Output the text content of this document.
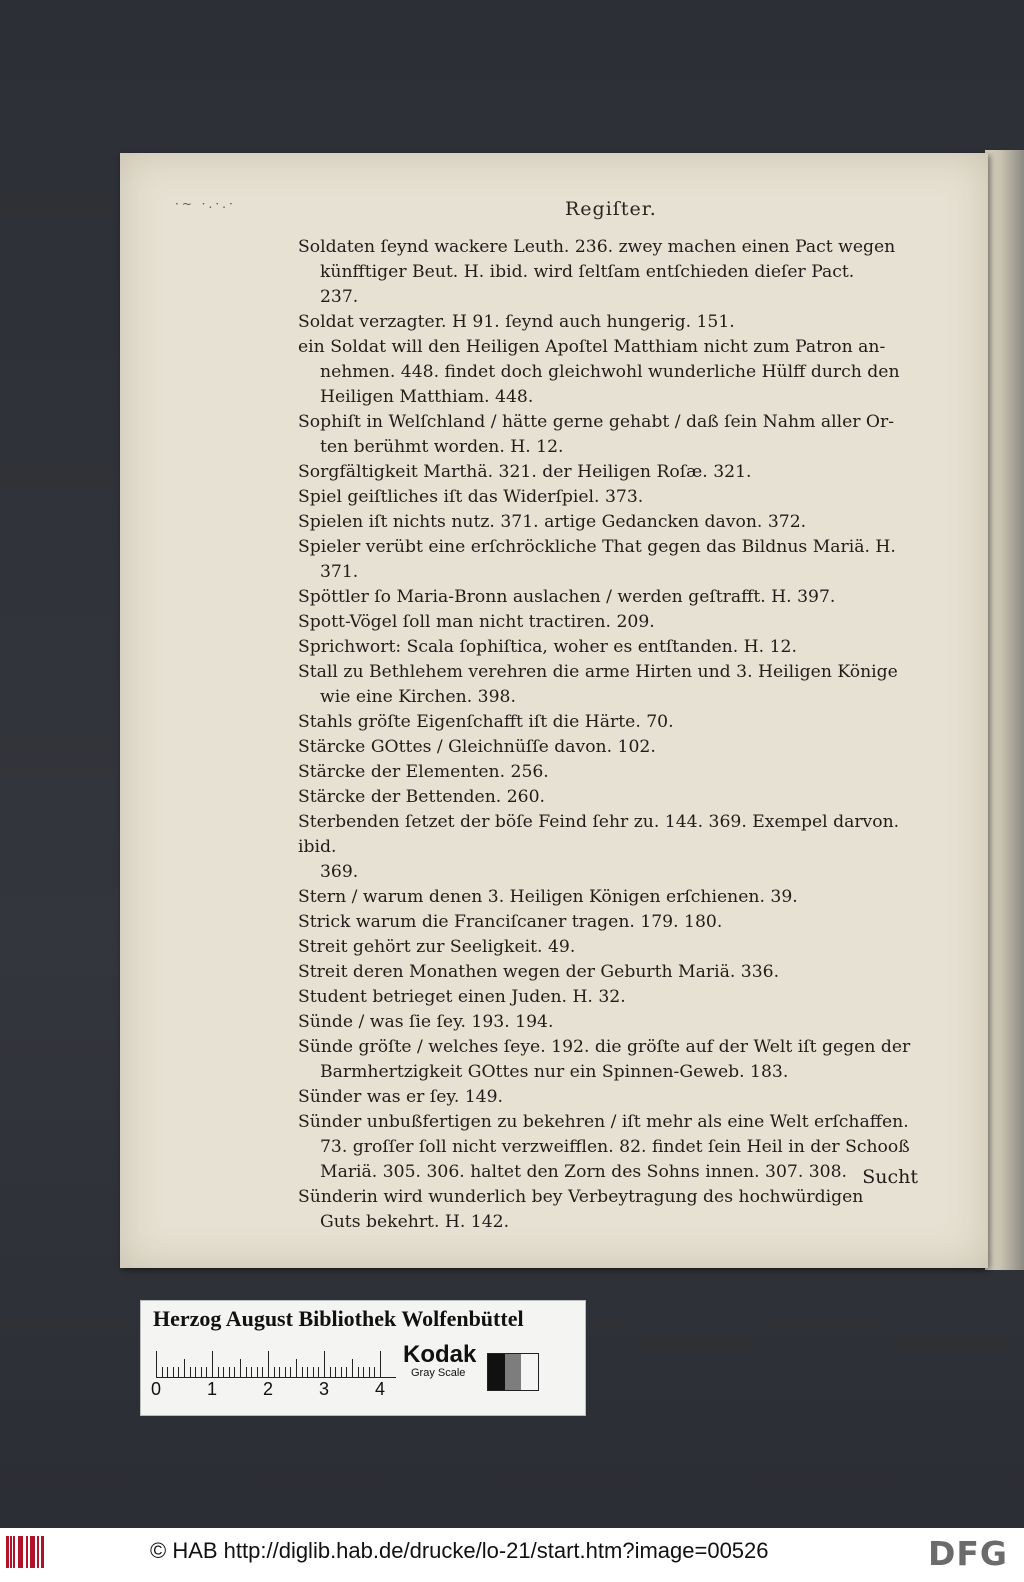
·~ ·.·.·	Regiſter.
Soldaten ſeynd wackere Leuth. 236. zwey machen einen Pact wegen
künfftiger Beut. H. ibid. wird ſeltſam entſchieden dieſer Pact.
237.
Soldat verzagter. H 91. ſeynd auch hungerig. 151.
ein Soldat will den Heiligen Apoſtel Matthiam nicht zum Patron an-
nehmen. 448. findet doch gleichwohl wunderliche Hülff durch den
Heiligen Matthiam. 448.
Sophiſt in Welſchland / hätte gerne gehabt / daß ſein Nahm aller Or-
ten berühmt worden. H. 12.
Sorgfältigkeit Marthä. 321. der Heiligen Roſæ. 321.
Spiel geiſtliches iſt das Widerſpiel. 373.
Spielen iſt nichts nutz. 371. artige Gedancken davon. 372.
Spieler verübt eine erſchröckliche That gegen das Bildnus Mariä. H.
371.
Spöttler ſo Maria-Bronn auslachen / werden geſtrafft. H. 397.
Spott-Vögel ſoll man nicht tractiren. 209.
Sprichwort: Scala ſophiſtica, woher es entſtanden. H. 12.
Stall zu Bethlehem verehren die arme Hirten und 3. Heiligen Könige
wie eine Kirchen. 398.
Stahls gröſte Eigenſchafft iſt die Härte. 70.
Stärcke GOttes / Gleichnüſſe davon. 102.
Stärcke der Elementen. 256.
Stärcke der Bettenden. 260.
Sterbenden ſetzet der böſe Feind ſehr zu. 144. 369. Exempel darvon. ibid.
369.
Stern / warum denen 3. Heiligen Königen erſchienen. 39.
Strick warum die Franciſcaner tragen. 179. 180.
Streit gehört zur Seeligkeit. 49.
Streit deren Monathen wegen der Geburth Mariä. 336.
Student betrieget einen Juden. H. 32.
Sünde / was ſie ſey. 193. 194.
Sünde gröſte / welches ſeye. 192. die gröſte auf der Welt iſt gegen der
Barmhertzigkeit GOttes nur ein Spinnen-Geweb. 183.
Sünder was er ſey. 149.
Sünder unbußfertigen zu bekehren / iſt mehr als eine Welt erſchaffen.
73. groſſer ſoll nicht verzweifflen. 82. findet ſein Heil in der Schooß
Mariä. 305. 306. haltet den Zorn des Sohns innen. 307. 308.
Sünderin wird wunderlich bey Verbeytragung des hochwürdigen
Guts bekehrt. H. 142.
Sucht
Herzog August Bibliothek Wolfenbüttel
0	1	2	3	4
Kodak
Gray Scale
© HAB http://diglib.hab.de/drucke/lo-21/start.htm?image=00526	DFG
